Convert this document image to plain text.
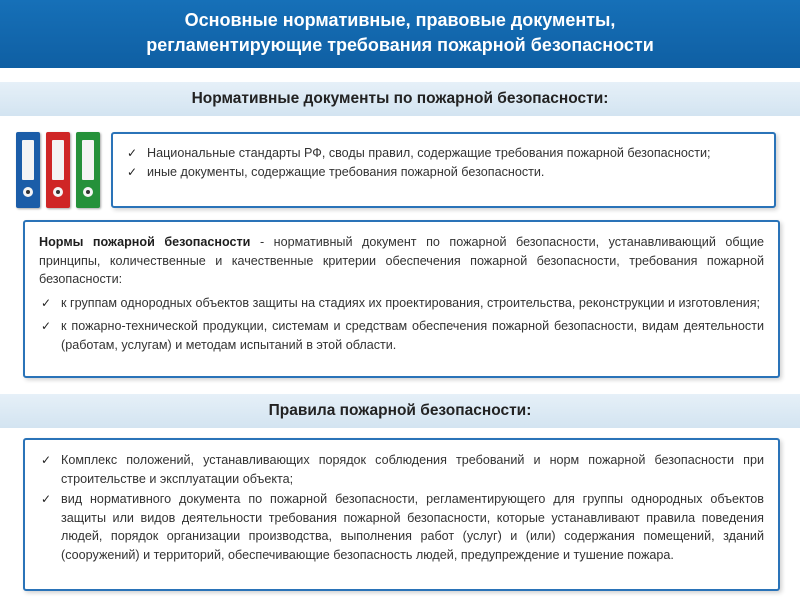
Основные нормативные, правовые документы,
регламентирующие требования пожарной безопасности
Нормативные документы по пожарной безопасности:
✓ Национальные стандарты РФ, своды правил, содержащие требования пожарной безопасности;
✓ иные документы, содержащие требования пожарной безопасности.
Нормы пожарной безопасности - нормативный документ по пожарной безопасности, устанавливающий общие принципы, количественные и качественные критерии обеспечения пожарной безопасности, требования пожарной безопасности:
✓ к группам однородных объектов защиты на стадиях их проектирования, строительства, реконструкции и изготовления;
✓ к пожарно-технической продукции, системам и средствам обеспечения пожарной безопасности, видам деятельности (работам, услугам) и методам испытаний в этой области.
Правила пожарной безопасности:
✓ Комплекс положений, устанавливающих порядок соблюдения требований и норм пожарной безопасности при строительстве и эксплуатации объекта;
✓ вид нормативного документа по пожарной безопасности, регламентирующего для группы однородных объектов защиты или видов деятельности требования пожарной безопасности, которые устанавливают правила поведения людей, порядок организации производства, выполнения работ (услуг) и (или) содержания помещений, зданий (сооружений) и территорий, обеспечивающие безопасность людей, предупреждение и тушение пожара.
